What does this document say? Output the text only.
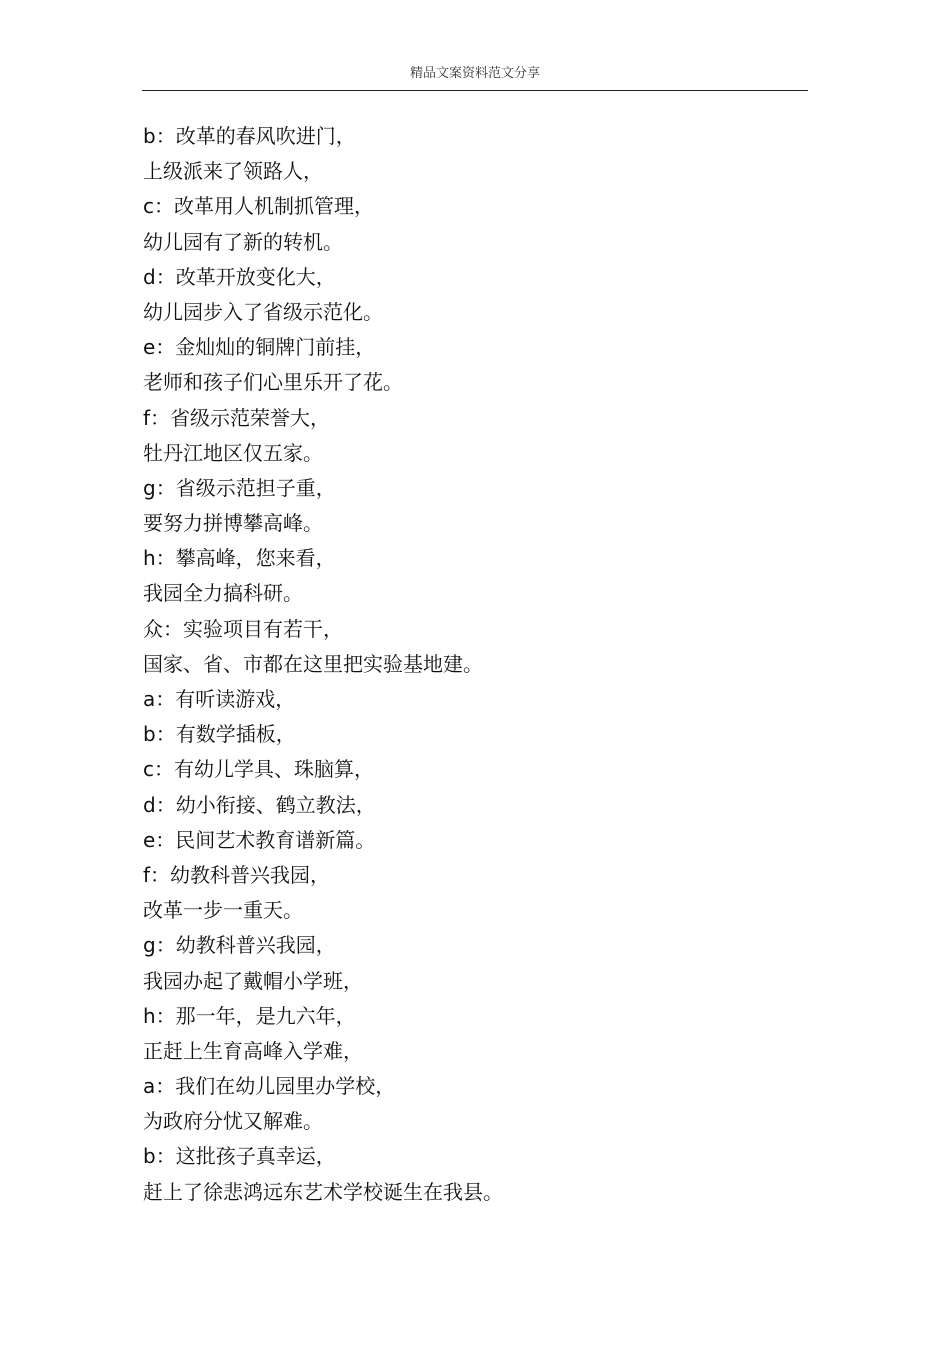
精品文案资料范文分享
b：改革的春风吹进门，
上级派来了领路人，
c：改革用人机制抓管理，
幼儿园有了新的转机。
d：改革开放变化大，
幼儿园步入了省级示范化。
e：金灿灿的铜牌门前挂，
老师和孩子们心里乐开了花。
f：省级示范荣誉大，
牡丹江地区仅五家。
g：省级示范担子重，
要努力拼博攀高峰。
h：攀高峰，您来看，
我园全力搞科研。
众：实验项目有若干，
国家、省、市都在这里把实验基地建。
a：有听读游戏，
b：有数学插板，
c：有幼儿学具、珠脑算，
d：幼小衔接、鹤立教法，
e：民间艺术教育谱新篇。
f：幼教科普兴我园，
改革一步一重天。
g：幼教科普兴我园，
我园办起了戴帽小学班，
h：那一年，是九六年，
正赶上生育高峰入学难，
a：我们在幼儿园里办学校，
为政府分忧又解难。
b：这批孩子真幸运，
赶上了徐悲鸿远东艺术学校诞生在我县。
